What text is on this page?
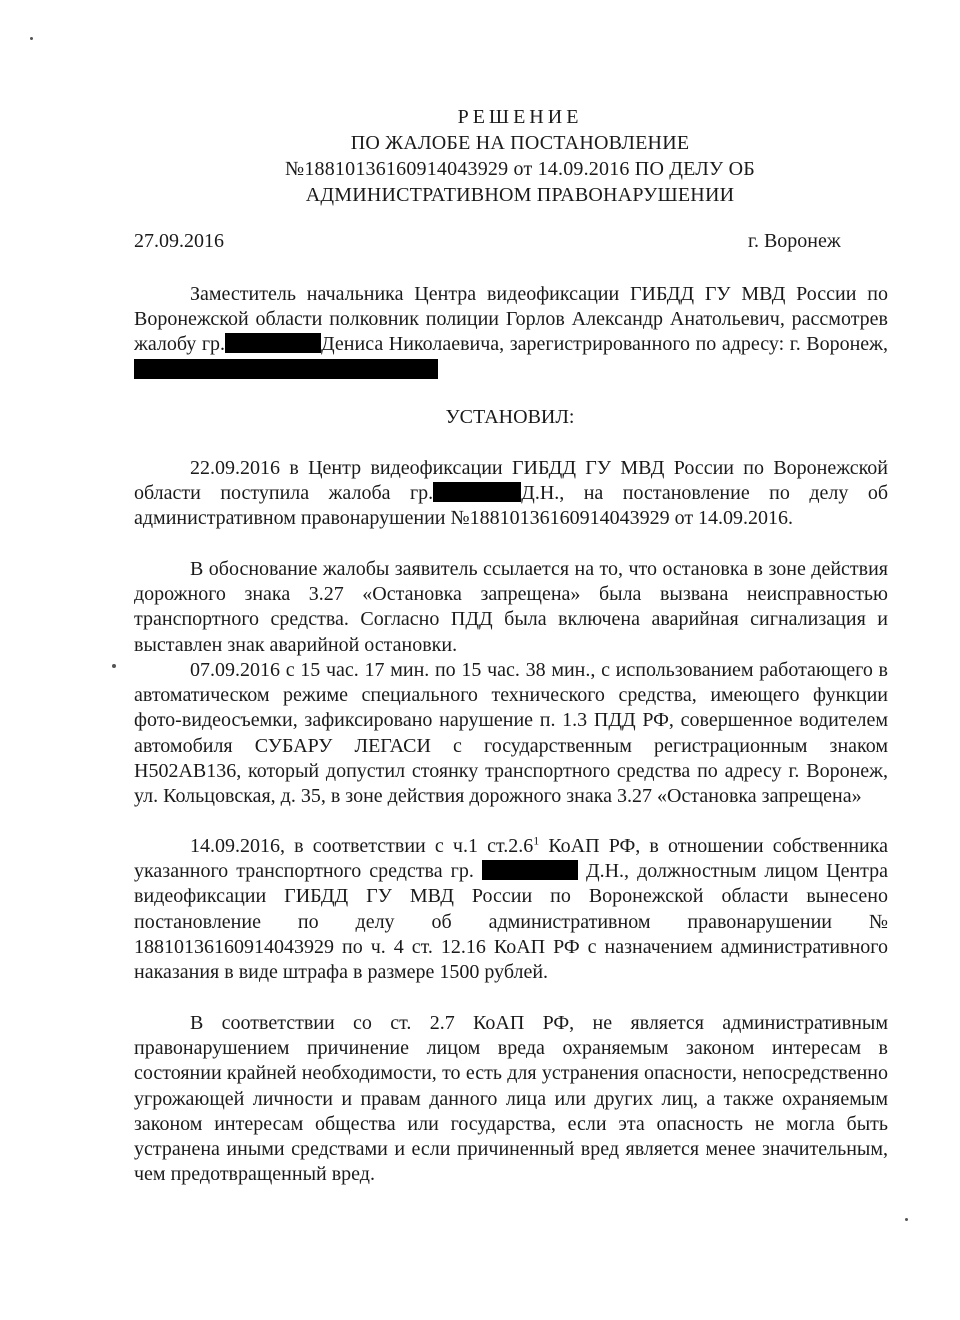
РЕШЕНИЕ
ПО ЖАЛОБЕ НА ПОСТАНОВЛЕНИЕ
№18810136160914043929 от 14.09.2016 ПО ДЕЛУ ОБ
АДМИНИСТРАТИВНОМ ПРАВОНАРУШЕНИИ
27.09.2016	г. Воронеж
Заместитель начальника Центра видеофиксации ГИБДД ГУ МВД России по Воронежской области полковник полиции Горлов Александр Анатольевич, рассмотрев жалобу гр.	Дениса Николаевича, зарегистрированного по адресу: г. Воронеж,
УСТАНОВИЛ:
22.09.2016 в Центр видеофиксации ГИБДД ГУ МВД России по Воронежской области поступила жалоба гр.	Д.Н., на постановление по делу об административном правонарушении №18810136160914043929 от 14.09.2016.
В обоснование жалобы заявитель ссылается на то, что остановка в зоне действия дорожного знака 3.27 «Остановка запрещена» была вызвана неисправностью транспортного средства. Согласно ПДД была включена аварийная сигнализация и выставлен знак аварийной остановки.
07.09.2016 с 15 час. 17 мин. по 15 час. 38 мин., с использованием работающего в автоматическом режиме специального технического средства, имеющего функции фото-видеосъемки, зафиксировано нарушение п. 1.3 ПДД РФ, совершенное водителем автомобиля СУБАРУ ЛЕГАСИ с государственным регистрационным знаком Н502АВ136, который допустил стоянку транспортного средства по адресу г. Воронеж, ул. Кольцовская, д. 35, в зоне действия дорожного знака 3.27 «Остановка запрещена»
14.09.2016, в соответствии с ч.1 ст.2.6$^1$ КоАП РФ, в отношении собственника указанного транспортного средства гр.	Д.Н., должностным лицом Центра видеофиксации ГИБДД ГУ МВД России по Воронежской области вынесено постановление по делу об административном правонарушении № 18810136160914043929 по ч. 4 ст. 12.16 КоАП РФ с назначением административного наказания в виде штрафа в размере 1500 рублей.
В соответствии со ст. 2.7 КоАП РФ, не является административным правонарушением причинение лицом вреда охраняемым законом интересам в состоянии крайней необходимости, то есть для устранения опасности, непосредственно угрожающей личности и правам данного лица или других лиц, а также охраняемым законом интересам общества или государства, если эта опасность не могла быть устранена иными средствами и если причиненный вред является менее значительным, чем предотвращенный вред.
